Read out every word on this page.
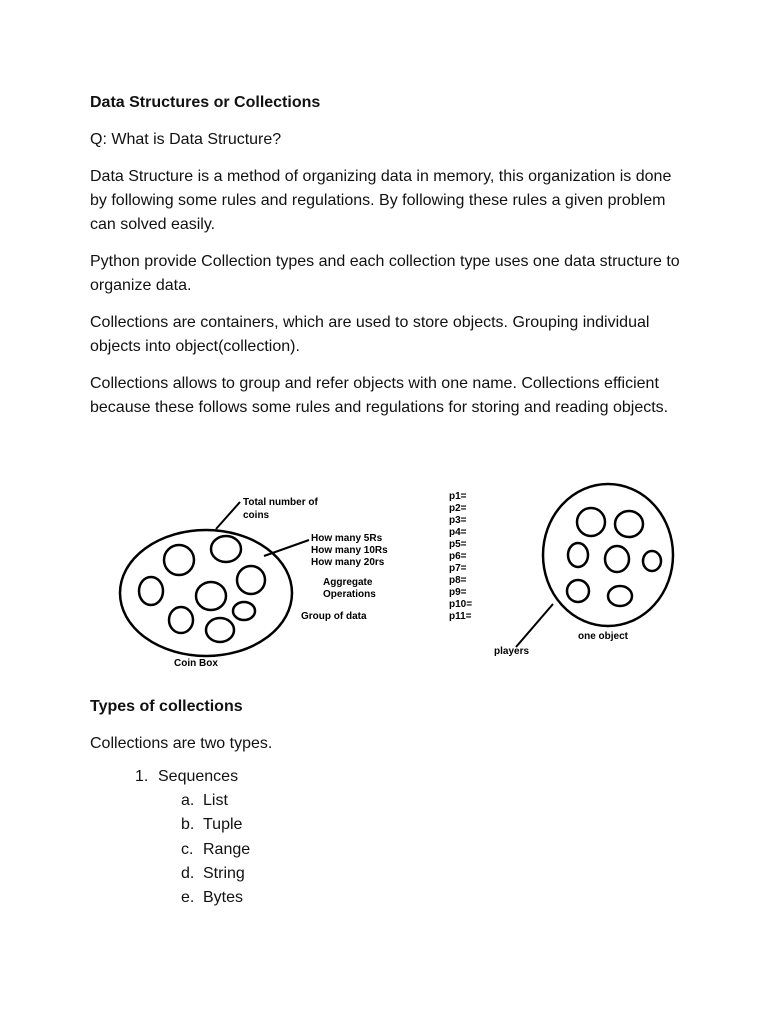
Data Structures or Collections

Q: What is Data Structure?

Data Structure is a method of organizing data in memory, this organization is done by following some rules and regulations. By following these rules a given problem can solved easily.

Python provide Collection types and each collection type uses one data structure to organize data.

Collections are containers, which are used to store objects. Grouping individual objects into object(collection).

Collections allows to group and refer objects with one name. Collections efficient because these follows some rules and regulations for storing and reading objects.

Total number of
coins
How many 5Rs
How many 10Rs
How many 20rs
Aggregate
Operations
Group of data
Coin Box
players
one object
p1=
p2=
p3=
p4=
p5=
p6=
p7=
p8=
p9=
p10=
p11=
Types of collections

Collections are two types.

1. Sequences
a. List
b. Tuple
c. Range
d. String
e. Bytes
